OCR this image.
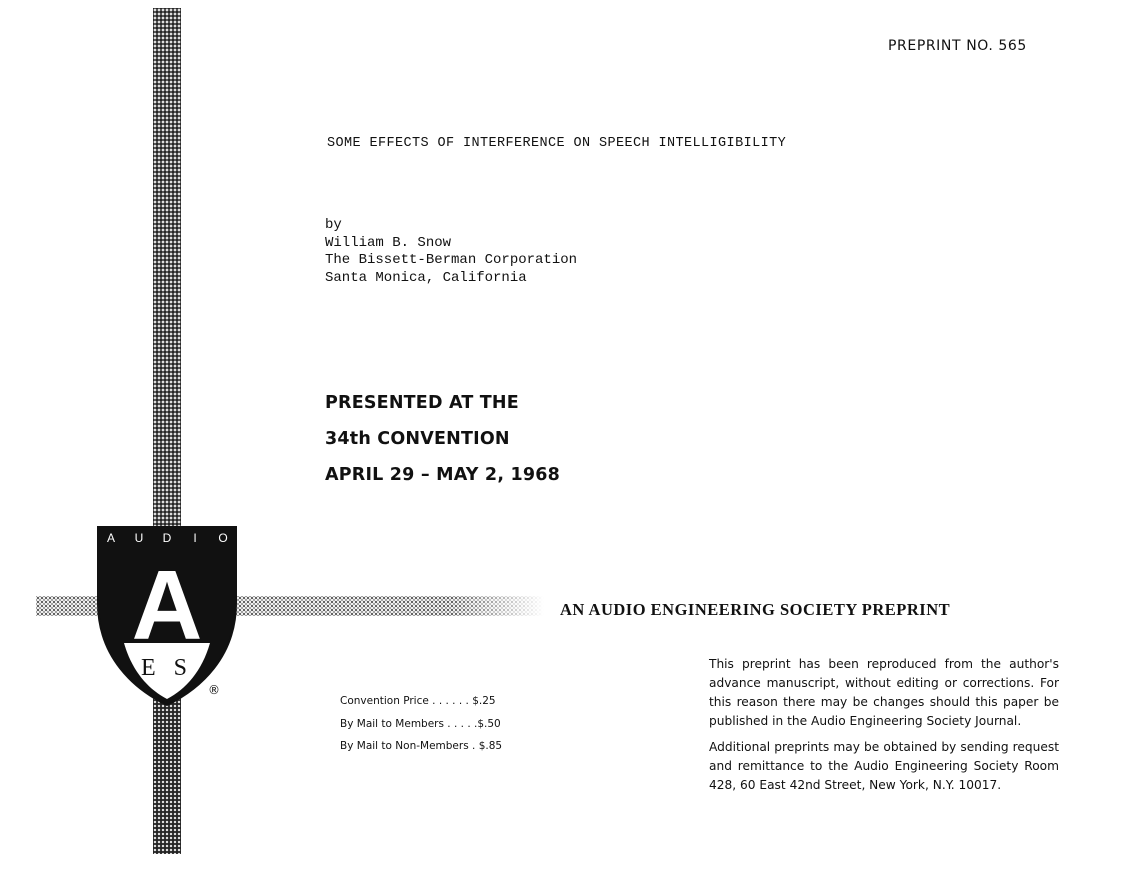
A U D I O
A
E S
®
PREPRINT NO. 565
SOME EFFECTS OF INTERFERENCE ON SPEECH INTELLIGIBILITY
by
William B. Snow
The Bissett-Berman Corporation
Santa Monica, California
PRESENTED AT THE
34th CONVENTION
APRIL 29 – MAY 2, 1968
AN AUDIO ENGINEERING SOCIETY PREPRINT
Convention Price . . . . . . $.25
By Mail to Members . . . . .$.50
By Mail to Non-Members . $.85

This preprint has been reproduced from the author's advance manuscript, without editing or corrections. For this reason there may be changes should this paper be published in the Audio Engineering Society Journal.

Additional preprints may be obtained by sending request and remittance to the Audio Engineering Society Room 428, 60 East 42nd Street, New York, N.Y. 10017.
